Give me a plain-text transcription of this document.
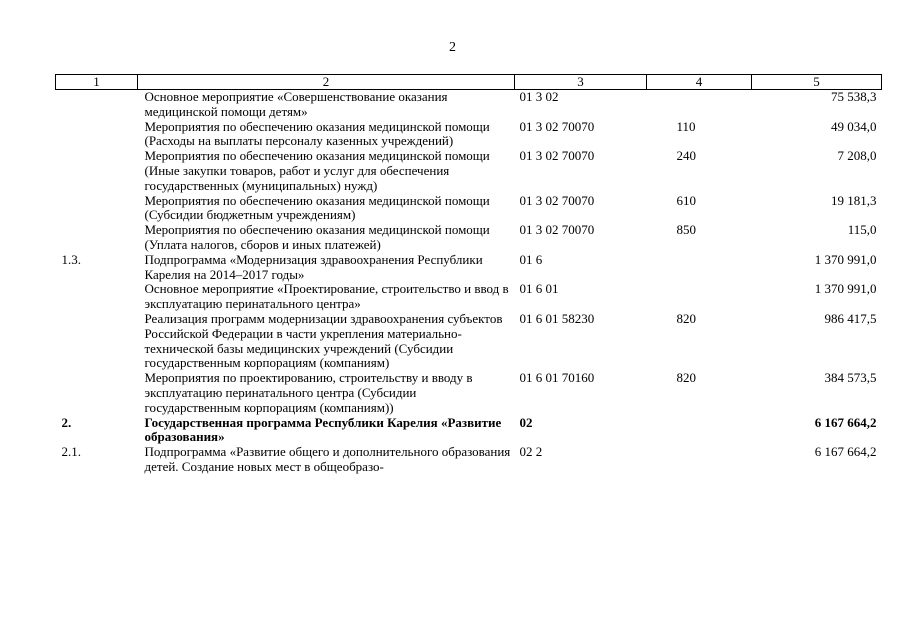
2
1	2	3	4	5
	Основное мероприятие «Совершенствование оказания медицинской помощи детям»	01 3 02		75 538,3
	Мероприятия по обеспечению оказания медицинской помощи (Расходы на выплаты персоналу казенных учреждений)	01 3 02 70070	110	49 034,0
	Мероприятия по обеспечению оказания медицинской помощи (Иные закупки товаров, работ и услуг для обеспечения государственных (муниципальных) нужд)	01 3 02 70070	240	7 208,0
	Мероприятия по обеспечению оказания медицинской помощи (Субсидии бюджетным учреждениям)	01 3 02 70070	610	19 181,3
	Мероприятия по обеспечению оказания медицинской помощи (Уплата налогов, сборов и иных платежей)	01 3 02 70070	850	115,0
1.3.	Подпрограмма «Модернизация здравоохранения Республики Карелия на 2014–2017 годы»	01 6		1 370 991,0
	Основное мероприятие «Проектирование, строительство и ввод в эксплуатацию перинатального центра»	01 6 01		1 370 991,0
	Реализация программ модернизации здравоохранения субъектов Российской Федерации в части укрепления материально-технической базы медицинских учреждений (Субсидии государственным корпорациям (компаниям)	01 6 01 58230	820	986 417,5
	Мероприятия по проектированию, строительству и вводу в эксплуатацию перинатального центра (Субсидии государственным корпорациям (компаниям))	01 6 01 70160	820	384 573,5
2.	Государственная программа Республики Карелия «Развитие образования»	02		6 167 664,2
2.1.	Подпрограмма «Развитие общего и дополнительного образования детей. Создание новых мест в общеобразо-	02 2		6 167 664,2
